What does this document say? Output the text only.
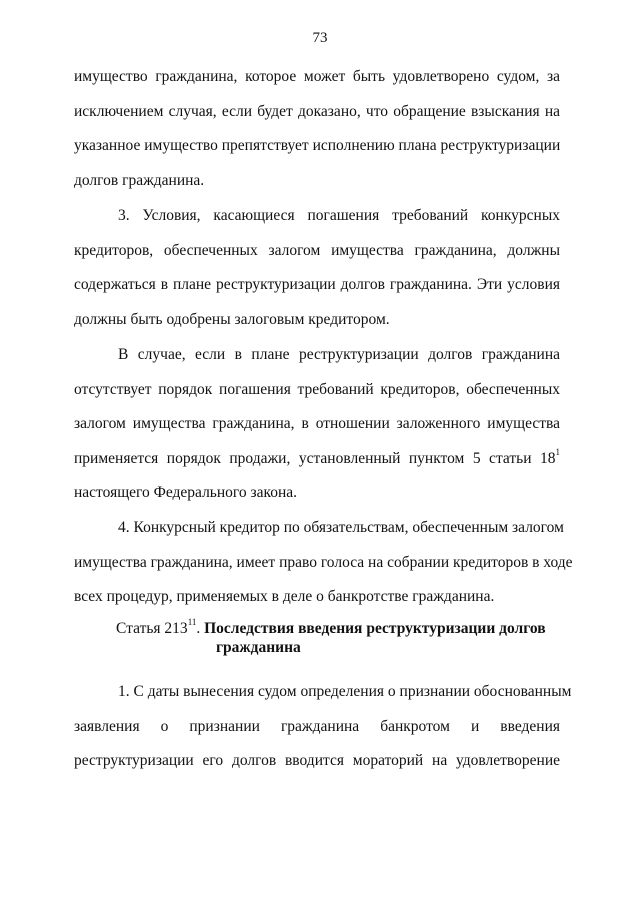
73
имущество гражданина, которое может быть удовлетворено судом, за
исключением случая, если будет доказано, что обращение взыскания на
указанное имущество препятствует исполнению плана реструктуризации
долгов гражданина.
3. Условия, касающиеся погашения требований конкурсных
кредиторов, обеспеченных залогом имущества гражданина, должны
содержаться в плане реструктуризации долгов гражданина. Эти условия
должны быть одобрены залоговым кредитором.
В случае, если в плане реструктуризации долгов гражданина
отсутствует порядок погашения требований кредиторов, обеспеченных
залогом имущества гражданина, в отношении заложенного имущества
применяется порядок продажи, установленный пунктом 5 статьи $18^1$
настоящего Федерального закона.
4. Конкурсный кредитор по обязательствам, обеспеченным залогом
имущества гражданина, имеет право голоса на собрании кредиторов в ходе
всех процедур, применяемых в деле о банкротстве гражданина.
Статья $213^{11}$. Последствия введения реструктуризации долгов
гражданина
1. С даты вынесения судом определения о признании обоснованным
заявления о признании гражданина банкротом и введения
реструктуризации его долгов вводится мораторий на удовлетворение
